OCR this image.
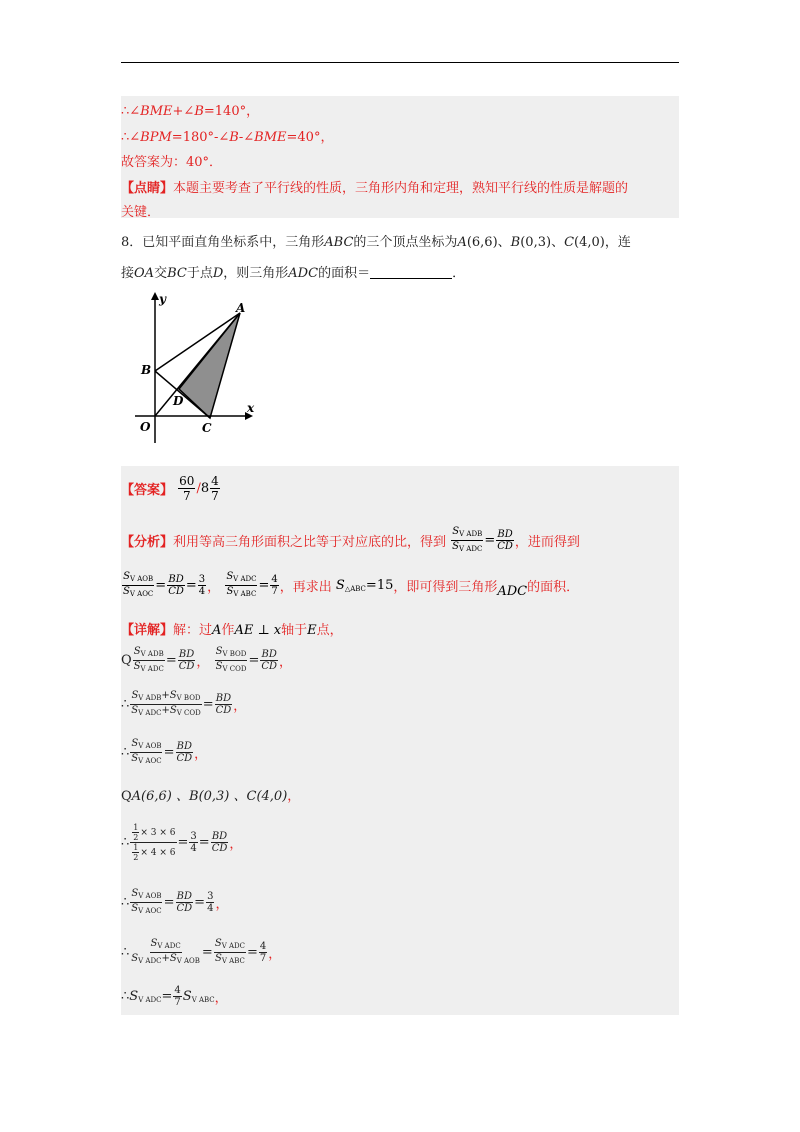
∴∠BME+∠B=140°，
∴∠BPM=180°-∠B-∠BME=40°，
故答案为：40°．
【点睛】本题主要考查了平行线的性质，三角形内角和定理，熟知平行线的性质是解题的
关键．
8．已知平面直角坐标系中，三角形ABC的三个顶点坐标为A(6,6)、B(0,3)、C(4,0)，连
接OA交BC于点D，则三角形ADC的面积＝	．
y
x
A
B
D
O	C
【答案】 $\frac{60}{7} /8 \frac{4}{7}$
【分析】利用等高三角形面积之比等于对应底的比，得到 $\frac{S_{V ADB}}{S_{V ADC}} = \frac{BD}{CD}$ ，进而得到
$\frac{S_{V AOB}}{S_{V AOC}} = \frac{BD}{CD} = \frac{3}{4}$ ， $\frac{S_{V ADC}}{S_{V ABC}} = \frac{4}{7}$ ，再求出 $S_{\triangle ABC}=15$，即可得到三角形ADC的面积．
【详解】解：过A作AE ⊥ x轴于E点，
Q $\frac{S_{V ADB}}{S_{V ADC}} = \frac{BD}{CD}$ ， $\frac{S_{V BOD}}{S_{V COD}} = \frac{BD}{CD}$ ，
∴ $\frac{S_{V ADB}+S_{V BOD}}{S_{V ADC}+S_{V COD}} = \frac{BD}{CD}$ ，
∴ $\frac{S_{V AOB}}{S_{V AOC}} = \frac{BD}{CD}$ ，
QA(6,6) 、B(0,3) 、C(4,0)，
∴ $\frac{\frac{1}{2} \times 3 \times 6}{\frac{1}{2} \times 4 \times 6} = \frac{3}{4} = \frac{BD}{CD}$ ，
∴ $\frac{S_{V AOB}}{S_{V AOC}} = \frac{BD}{CD} = \frac{3}{4}$ ，
∴ $\frac{S_{V ADC}}{S_{V ADC}+S_{V AOB}} = \frac{S_{V ADC}}{S_{V ABC}} = \frac{4}{7}$ ，
$\therefore S_{V ADC}= \frac{4}{7} S_{V ABC}$，
